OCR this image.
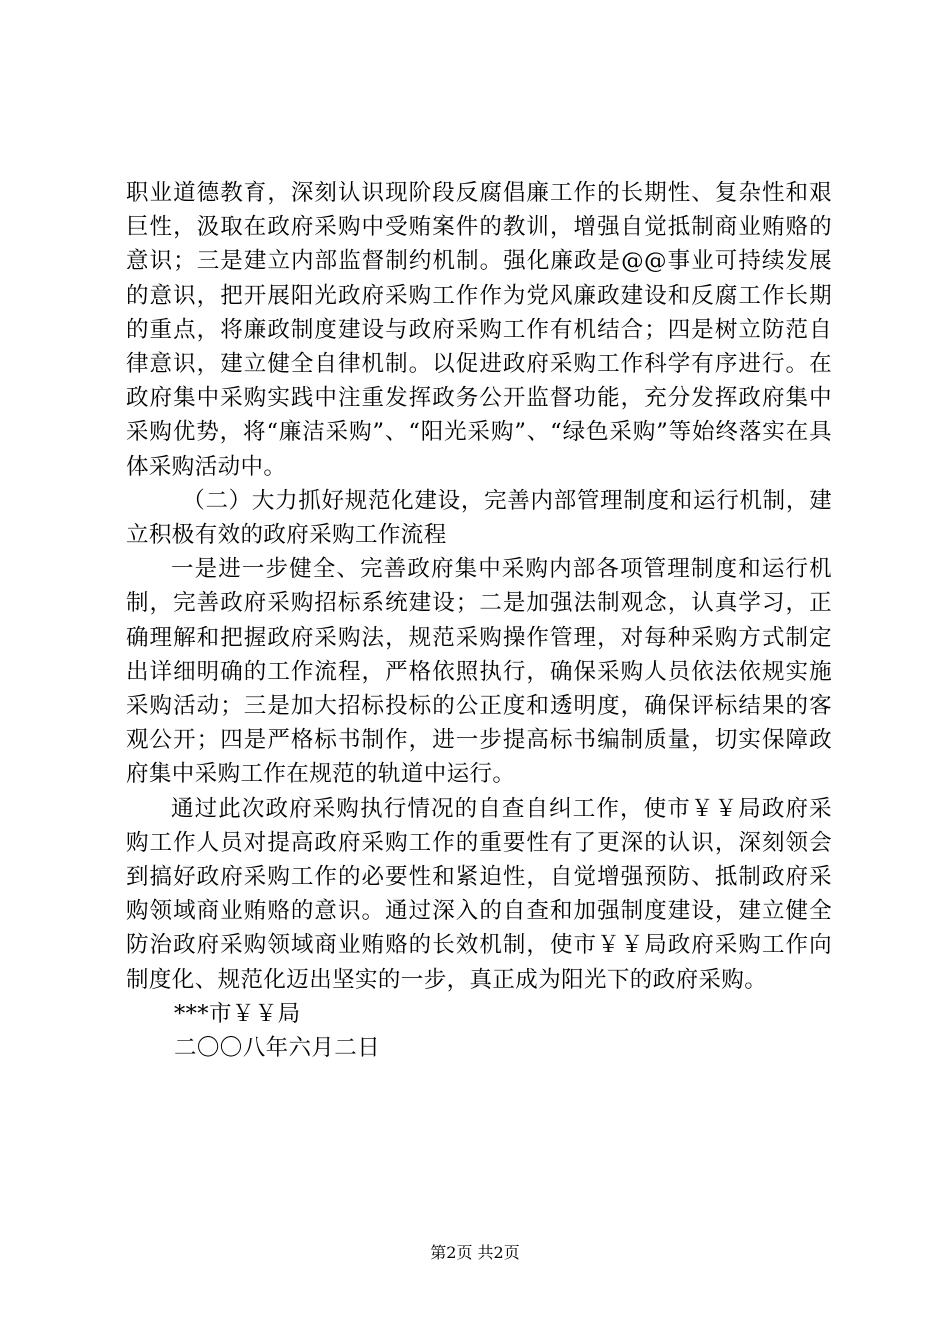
职业道德教育，深刻认识现阶段反腐倡廉工作的长期性、复杂性和艰巨性，汲取在政府采购中受贿案件的教训，增强自觉抵制商业贿赂的意识；三是建立内部监督制约机制。强化廉政是@@事业可持续发展的意识，把开展阳光政府采购工作作为党风廉政建设和反腐工作长期的重点，将廉政制度建设与政府采购工作有机结合；四是树立防范自律意识，建立健全自律机制。以促进政府采购工作科学有序进行。在政府集中采购实践中注重发挥政务公开监督功能，充分发挥政府集中采购优势，将“廉洁采购”、“阳光采购”、“绿色采购”等始终落实在具体采购活动中。

（二）大力抓好规范化建设，完善内部管理制度和运行机制，建立积极有效的政府采购工作流程

一是进一步健全、完善政府集中采购内部各项管理制度和运行机制，完善政府采购招标系统建设；二是加强法制观念，认真学习，正确理解和把握政府采购法，规范采购操作管理，对每种采购方式制定出详细明确的工作流程，严格依照执行，确保采购人员依法依规实施采购活动；三是加大招标投标的公正度和透明度，确保评标结果的客观公开；四是严格标书制作，进一步提高标书编制质量，切实保障政府集中采购工作在规范的轨道中运行。

通过此次政府采购执行情况的自查自纠工作，使市￥￥局政府采购工作人员对提高政府采购工作的重要性有了更深的认识，深刻领会到搞好政府采购工作的必要性和紧迫性，自觉增强预防、抵制政府采购领域商业贿赂的意识。通过深入的自查和加强制度建设，建立健全防治政府采购领域商业贿赂的长效机制，使市￥￥局政府采购工作向制度化、规范化迈出坚实的一步，真正成为阳光下的政府采购。

***市￥￥局

二〇〇八年六月二日

第2页 共2页
